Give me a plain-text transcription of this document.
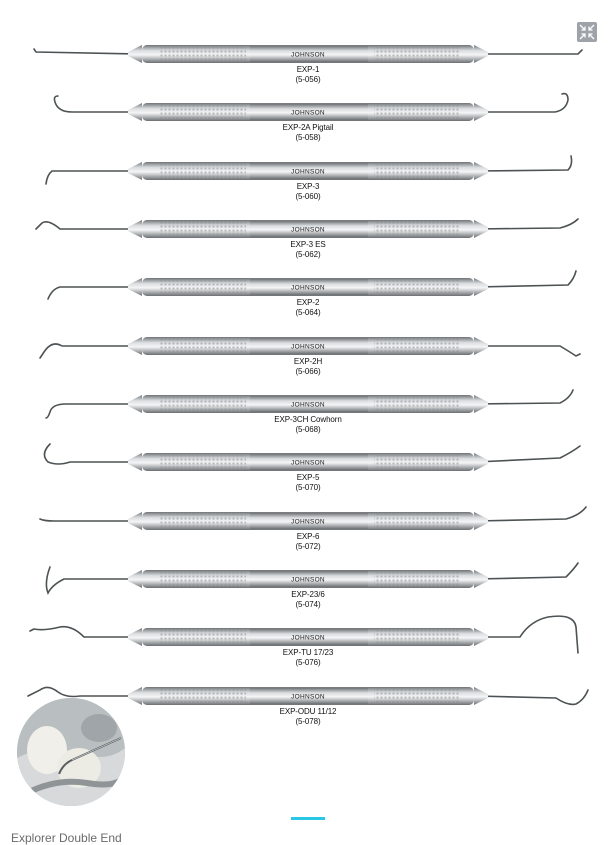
JOHNSON
EXP-1
(5-056)
JOHNSON
EXP-2A Pigtail
(5-058)
JOHNSON
EXP-3
(5-060)
JOHNSON
EXP-3 ES
(5-062)
JOHNSON
EXP-2
(5-064)
JOHNSON
EXP-2H
(5-066)
JOHNSON
EXP-3CH Cowhorn
(5-068)
JOHNSON
EXP-5
(5-070)
JOHNSON
EXP-6
(5-072)
JOHNSON
EXP-23/6
(5-074)
JOHNSON
EXP-TU 17/23
(5-076)
JOHNSON
EXP-ODU 11/12
(5-078)
Explorer Double End
